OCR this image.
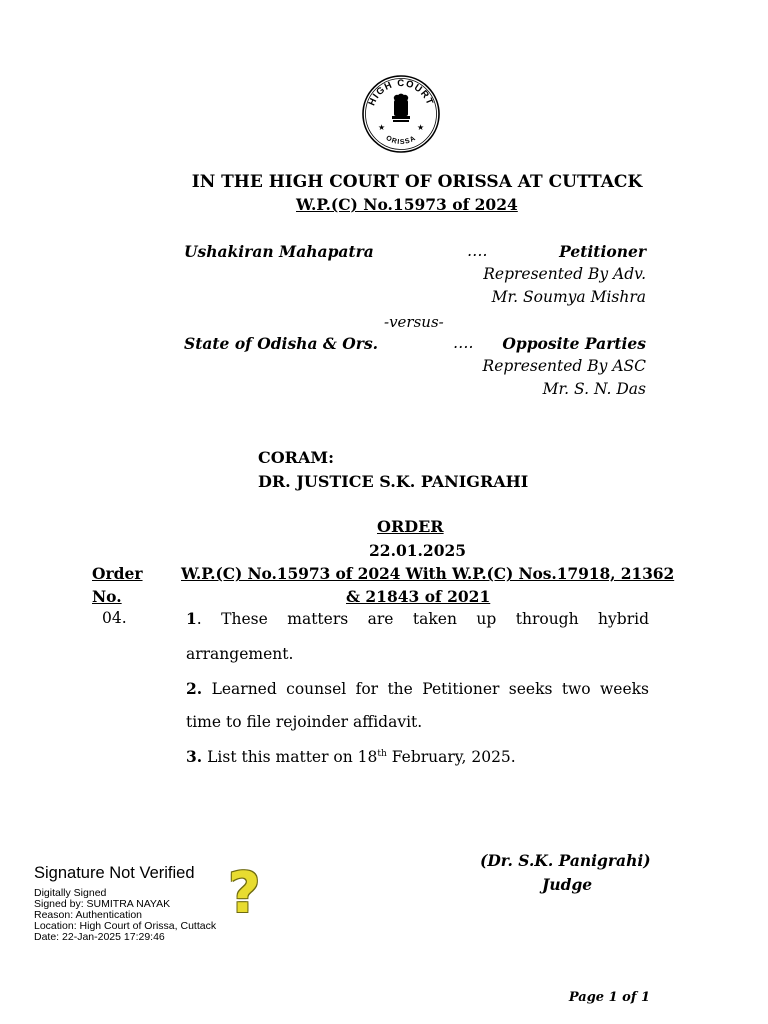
HIGH COURT
ORISSA
★	★
IN THE HIGH COURT OF ORISSA AT CUTTACK
W.P.(C) No.15973 of 2024
Ushakiran Mahapatra	….	Petitioner
Represented By Adv.
Mr. Soumya Mishra
-versus-
State of Odisha & Ors.	…. Opposite Parties
Represented By ASC
Mr. S. N. Das
CORAM:
DR. JUSTICE S.K. PANIGRAHI
ORDER
22.01.2025
Order
No.
W.P.(C) No.15973 of 2024 With W.P.(C) Nos.17918, 21362
& 21843 of 2021
04.	1. These matters are taken up through hybrid
arrangement.
2. Learned counsel for the Petitioner seeks two weeks
time to file rejoinder affidavit.
3. List this matter on 18th February, 2025.
(Dr. S.K. Panigrahi)
Judge
?
Signature Not Verified
Digitally Signed
Signed by: SUMITRA NAYAK
Reason: Authentication
Location: High Court of Orissa, Cuttack
Date: 22-Jan-2025 17:29:46
Page 1 of 1
